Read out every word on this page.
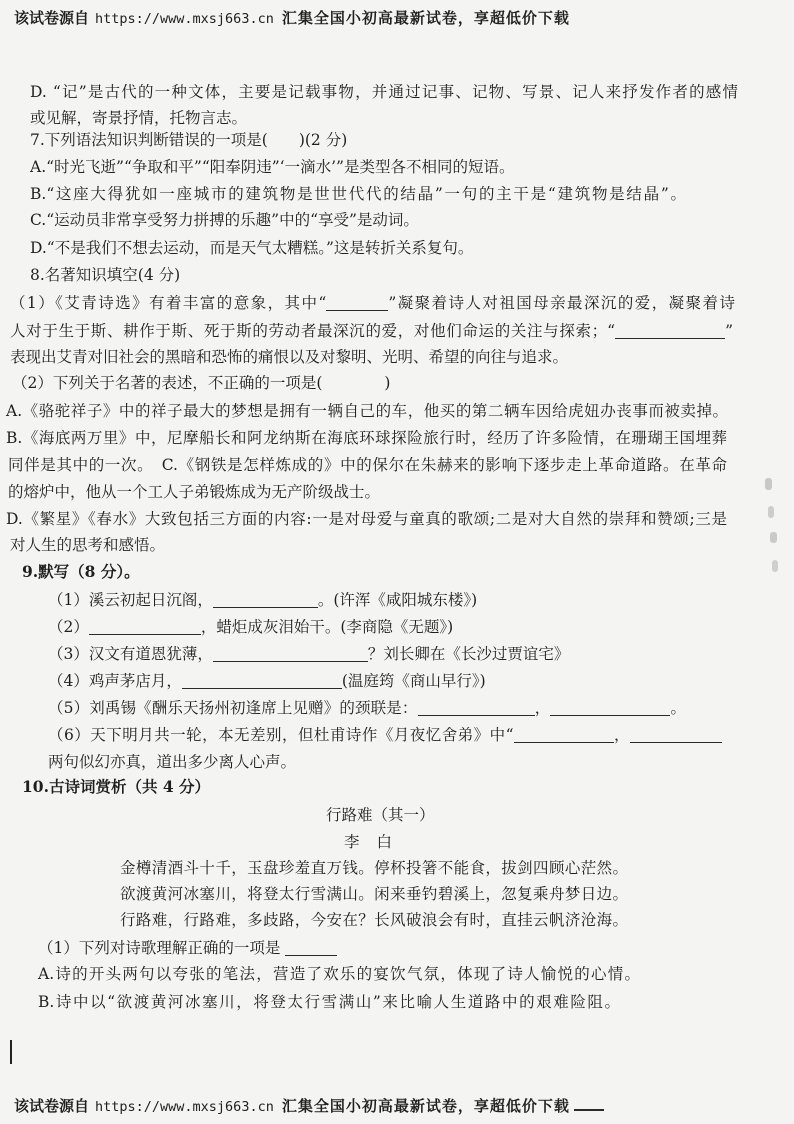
该试卷源自 https://www.mxsj663.cn 汇集全国小初高最新试卷，享超低价下载
D. “记”是古代的一种文体，主要是记载事物，并通过记事、记物、写景、记人来抒发作者的感情
或见解，寄景抒情，托物言志。
7.下列语法知识判断错误的一项是(　　)(2 分)
A.“时光飞逝”“争取和平”“阳奉阴违”‘一滴水’”是类型各不相同的短语。
B.“这座大得犹如一座城市的建筑物是世世代代的结晶”一句的主干是“建筑物是结晶”。
C.“运动员非常享受努力拼搏的乐趣”中的“享受”是动词。
D.“不是我们不想去运动，而是天气太糟糕。”这是转折关系复句。
8.名著知识填空(4 分)
（1）《艾青诗选》有着丰富的意象，其中“	”凝聚着诗人对祖国母亲最深沉的爱，凝聚着诗
人对于生于斯、耕作于斯、死于斯的劳动者最深沉的爱，对他们命运的关注与探索；“	”
表现出艾青对旧社会的黑暗和恐怖的痛恨以及对黎明、光明、希望的向往与追求。
（2）下列关于名著的表述，不正确的一项是(　　　　)
A.《骆驼祥子》中的祥子最大的梦想是拥有一辆自己的车，他买的第二辆车因给虎妞办丧事而被卖掉。
B.《海底两万里》中，尼摩船长和阿龙纳斯在海底环球探险旅行时，经历了许多险情，在珊瑚王国埋葬
同伴是其中的一次。　C.《钢铁是怎样炼成的》中的保尔在朱赫来的影响下逐步走上革命道路。在革命
的熔炉中，他从一个工人子弟锻炼成为无产阶级战士。
D.《繁星》《春水》大致包括三方面的内容:一是对母爱与童真的歌颂;二是对大自然的崇拜和赞颂;三是
对人生的思考和感悟。
9.默写（8 分）。
（1）溪云初起日沉阁，	。(许浑《咸阳城东楼》)
（2）	，蜡炬成灰泪始干。(李商隐《无题》)
（3）汉文有道恩犹薄，	？刘长卿在《长沙过贾谊宅》
（4）鸡声茅店月，	(温庭筠《商山早行》)
（5）刘禹锡《酬乐天扬州初逢席上见赠》的颈联是：	，	。
（6）天下明月共一轮，本无差别，但杜甫诗作《月夜忆舍弟》中“	，
两句似幻亦真，道出多少离人心声。
10.古诗词赏析（共 4 分）
行路难（其一）
李 白
金樽清酒斗十千，玉盘珍羞直万钱。停杯投箸不能食，拔剑四顾心茫然。
欲渡黄河冰塞川，将登太行雪满山。闲来垂钓碧溪上，忽复乘舟梦日边。
行路难，行路难，多歧路，今安在？长风破浪会有时，直挂云帆济沧海。
（1）下列对诗歌理解正确的一项是
A.诗的开头两句以夸张的笔法，营造了欢乐的宴饮气氛，体现了诗人愉悦的心情。
B.诗中以“欲渡黄河冰塞川，将登太行雪满山”来比喻人生道路中的艰难险阻。
该试卷源自 https://www.mxsj663.cn 汇集全国小初高最新试卷，享超低价下载
